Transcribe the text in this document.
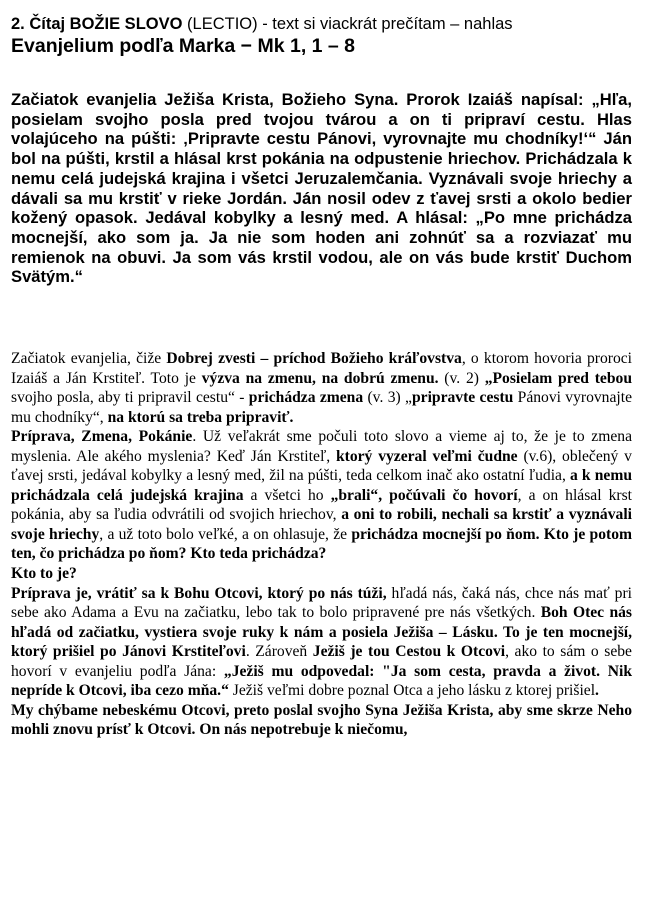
2. Čítaj BOŽIE SLOVO (LECTIO) - text si viackrát prečítam – nahlas
Evanjelium podľa Marka − Mk 1, 1 – 8
Začiatok evanjelia Ježiša Krista, Božieho Syna. Prorok Izaiáš napísal: „Hľa, posielam svojho posla pred tvojou tvárou a on ti pripraví cestu. Hlas volajúceho na púšti: ‚Pripravte cestu Pánovi, vyrovnajte mu chodníky!‘“ Ján bol na púšti, krstil a hlásal krst pokánia na odpustenie hriechov. Prichádzala k nemu celá judejská krajina i všetci Jeruzalemčania. Vyznávali svoje hriechy a dávali sa mu krstiť v rieke Jordán. Ján nosil odev z ťavej srsti a okolo bedier kožený opasok. Jedával kobylky a lesný med. A hlásal: „Po mne prichádza mocnejší, ako som ja. Ja nie som hoden ani zohnúť sa a rozviazať mu remienok na obuvi. Ja som vás krstil vodou, ale on vás bude krstiť Duchom Svätým.“

Začiatok evanjelia, čiže Dobrej zvesti – príchod Božieho kráľovstva, o ktorom hovoria proroci Izaiáš a Ján Krstiteľ. Toto je výzva na zmenu, na dobrú zmenu. (v. 2) „Posielam pred tebou svojho posla, aby ti pripravil cestu“ - prichádza zmena (v. 3) „pripravte cestu Pánovi vyrovnajte mu chodníky“, na ktorú sa treba pripraviť.

Príprava, Zmena, Pokánie. Už veľakrát sme počuli toto slovo a vieme aj to, že je to zmena myslenia. Ale akého myslenia? Keď Ján Krstiteľ, ktorý vyzeral veľmi čudne (v.6), oblečený v ťavej srsti, jedával kobylky a lesný med, žil na púšti, teda celkom inač ako ostatní ľudia, a k nemu prichádzala celá judejská krajina a všetci ho „brali“, počúvali čo hovorí, a on hlásal krst pokánia, aby sa ľudia odvrátili od svojich hriechov, a oni to robili, nechali sa krstiť a vyznávali svoje hriechy, a už toto bolo veľké, a on ohlasuje, že prichádza mocnejší po ňom. Kto je potom ten, čo prichádza po ňom? Kto teda prichádza?

Kto to je?

Príprava je, vrátiť sa k Bohu Otcovi, ktorý po nás túži, hľadá nás, čaká nás, chce nás mať pri sebe ako Adama a Evu na začiatku, lebo tak to bolo pripravené pre nás všetkých. Boh Otec nás hľadá od začiatku, vystiera svoje ruky k nám a posiela Ježiša – Lásku. To je ten mocnejší, ktorý prišiel po Jánovi Krstiteľovi. Zároveň Ježiš je tou Cestou k Otcovi, ako to sám o sebe hovorí v evanjeliu podľa Jána: „Ježiš mu odpovedal: "Ja som cesta, pravda a život. Nik nepríde k Otcovi, iba cezo mňa.“ Ježiš veľmi dobre poznal Otca a jeho lásku z ktorej prišiel.

My chýbame nebeskému Otcovi, preto poslal svojho Syna Ježiša Krista, aby sme skrze Neho mohli znovu prísť k Otcovi. On nás nepotrebuje k niečomu,
